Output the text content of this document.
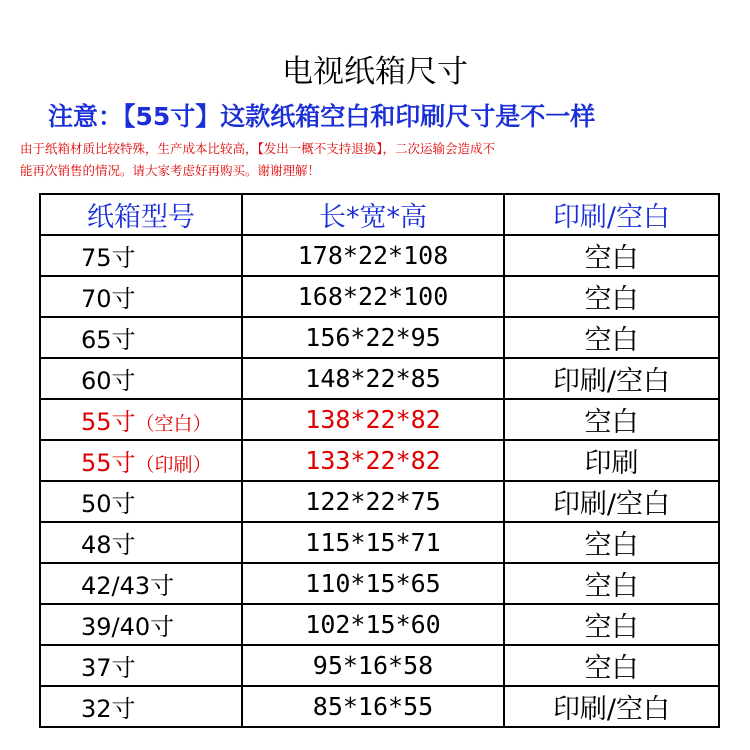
电视纸箱尺寸
注意：【55寸】这款纸箱空白和印刷尺寸是不一样
由于纸箱材质比较特殊，生产成本比较高，【发出一概不支持退换】，二次运输会造成不
能再次销售的情况。请大家考虑好再购买。谢谢理解！
纸箱型号	长*宽*高	印刷/空白
75寸	178*22*108	空白
70寸	168*22*100	空白
65寸	156*22*95	空白
60寸	148*22*85	印刷/空白
55寸（空白）	138*22*82	空白
55寸（印刷）	133*22*82	印刷
50寸	122*22*75	印刷/空白
48寸	115*15*71	空白
42/43寸	110*15*65	空白
39/40寸	102*15*60	空白
37寸	95*16*58	空白
32寸	85*16*55	印刷/空白
